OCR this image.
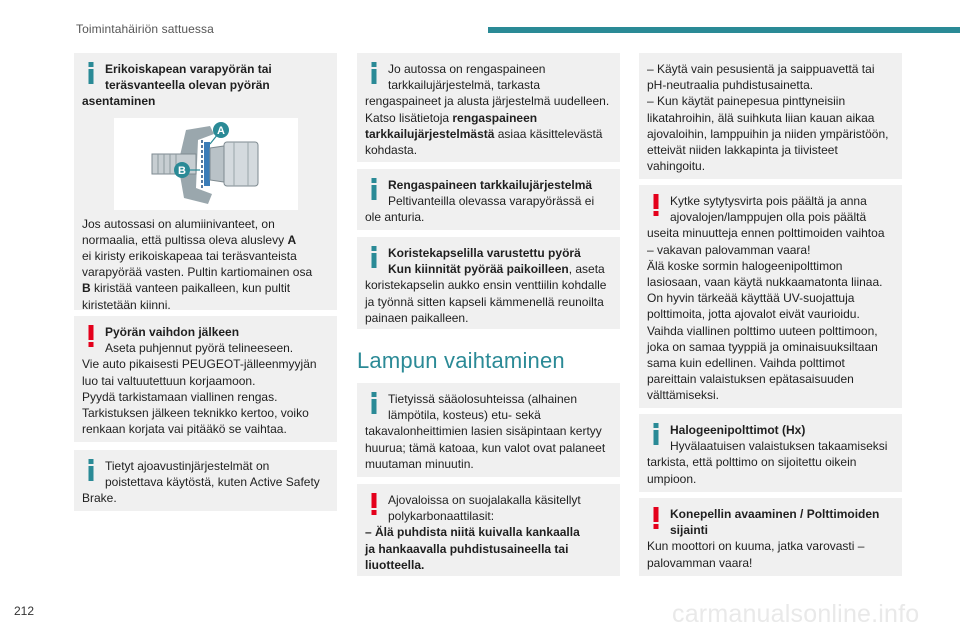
Toimintahäiriön sattuessa
Erikoiskapean varapyörän tai
teräsvanteella olevan pyörän
asentaminen
A
B
Jos autossasi on alumiinivanteet, on
normaalia, että pultissa oleva aluslevy A
ei kiristy erikoiskapeaa tai teräsvanteista
varapyörää vasten. Pultin kartiomainen osa
B kiristää vanteen paikalleen, kun pultit
kiristetään kiinni.
Pyörän vaihdon jälkeen
Aseta puhjennut pyörä telineeseen.
Vie auto pikaisesti PEUGEOT-jälleenmyyjän
luo tai valtuutettuun korjaamoon.
Pyydä tarkistamaan viallinen rengas.
Tarkistuksen jälkeen teknikko kertoo, voiko
renkaan korjata vai pitääkö se vaihtaa.
Tietyt ajoavustinjärjestelmät on
poistettava käytöstä, kuten Active Safety
Brake.
Jo autossa on rengaspaineen
tarkkailujärjestelmä, tarkasta
rengaspaineet ja alusta järjestelmä uudelleen.
Katso lisätietoja rengaspaineen
tarkkailujärjestelmästä asiaa käsittelevästä
kohdasta.
Rengaspaineen tarkkailujärjestelmä
Peltivanteilla olevassa varapyörässä ei
ole anturia.
Koristekapselilla varustettu pyörä
Kun kiinnität pyörää paikoilleen, aseta
koristekapselin aukko ensin venttiilin kohdalle
ja työnnä sitten kapseli kämmenellä reunoilta
painaen paikalleen.
Lampun vaihtaminen
Tietyissä sääolosuhteissa (alhainen
lämpötila, kosteus) etu- sekä
takavalonheittimien lasien sisäpintaan kertyy
huurua; tämä katoaa, kun valot ovat palaneet
muutaman minuutin.
Ajovaloissa on suojalakalla käsitellyt
polykarbonaattilasit:
– Älä puhdista niitä kuivalla kankaalla
ja hankaavalla puhdistusaineella tai
liuotteella.
– Käytä vain pesusientä ja saippuavettä tai
pH-neutraalia puhdistusainetta.
– Kun käytät painepesua pinttyneisiin
likatahroihin, älä suihkuta liian kauan aikaa
ajovaloihin, lamppuihin ja niiden ympäristöön,
etteivät niiden lakkapinta ja tiivisteet
vahingoitu.
Kytke sytytysvirta pois päältä ja anna
ajovalojen/lamppujen olla pois päältä
useita minuutteja ennen polttimoiden vaihtoa
– vakavan palovamman vaara!
Älä koske sormin halogeenipolttimon
lasiosaan, vaan käytä nukkaamatonta liinaa.
On hyvin tärkeää käyttää UV-suojattuja
polttimoita, jotta ajovalot eivät vaurioidu.
Vaihda viallinen polttimo uuteen polttimoon,
joka on samaa tyyppiä ja ominaisuuksiltaan
sama kuin edellinen. Vaihda polttimot
pareittain valaistuksen epätasaisuuden
välttämiseksi.
Halogeenipolttimot (Hx)
Hyvälaatuisen valaistuksen takaamiseksi
tarkista, että polttimo on sijoitettu oikein
umpioon.
Konepellin avaaminen / Polttimoiden
sijainti
Kun moottori on kuuma, jatka varovasti –
palovamman vaara!
212	carmanualsonline.info
